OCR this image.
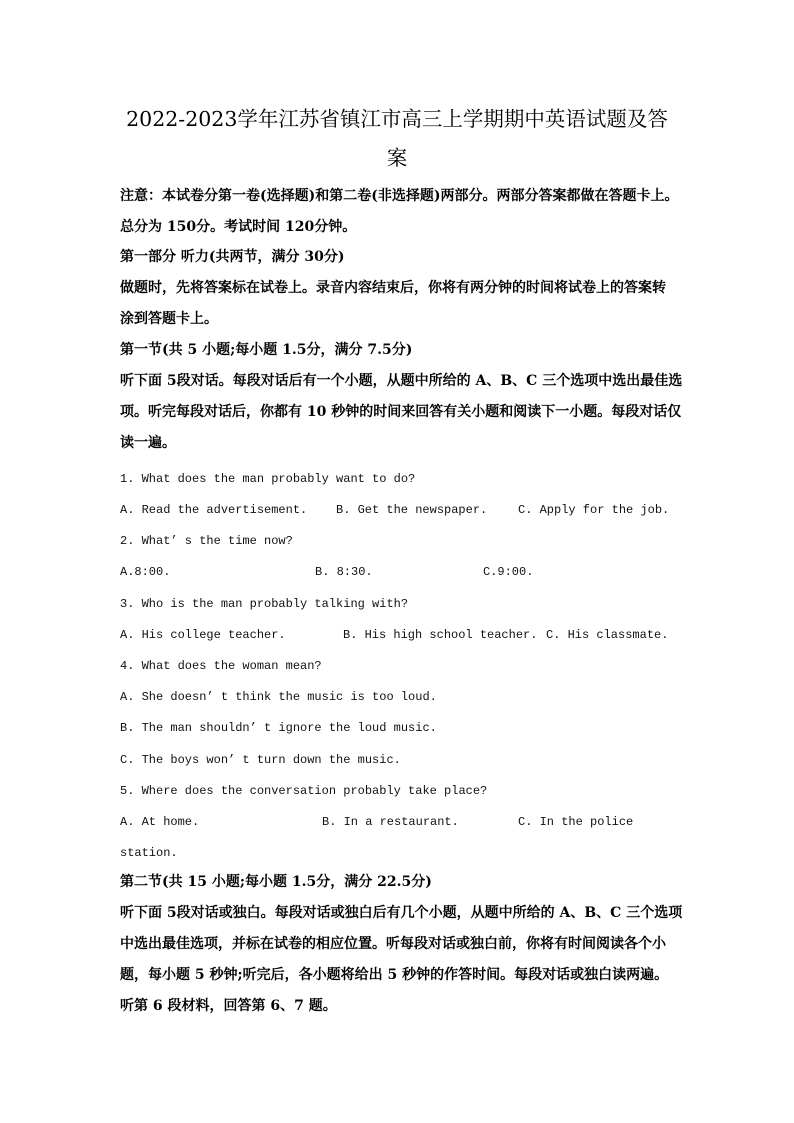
2022-2023学年江苏省镇江市高三上学期期中英语试题及答
案
注意：本试卷分第一卷(选择题)和第二卷(非选择题)两部分。两部分答案都做在答题卡上。
总分为 150分。考试时间 120分钟。
第一部分 听力(共两节，满分 30分)
做题时，先将答案标在试卷上。录音内容结束后，你将有两分钟的时间将试卷上的答案转
涂到答题卡上。
第一节(共 5 小题;每小题 1.5分，满分 7.5分)
听下面 5段对话。每段对话后有一个小题，从题中所给的 A、B、C 三个选项中选出最佳选
项。听完每段对话后，你都有 10 秒钟的时间来回答有关小题和阅读下一小题。每段对话仅
读一遍。
1. What does the man probably want to do?
A. Read the advertisement. B. Get the newspaper.	C. Apply for the job.
2. What’ s the time now?
A.8:00.	B. 8:30.	C.9:00.
3. Who is the man probably talking with?
A. His college teacher.	B. His high school teacher. C. His classmate.
4. What does the woman mean?
A. She doesn’ t think the music is too loud.
B. The man shouldn’ t ignore the loud music.
C. The boys won’ t turn down the music.
5. Where does the conversation probably take place?
A. At home.	B. In a restaurant.	C. In the police
station.
第二节(共 15 小题;每小题 1.5分，满分 22.5分)
听下面 5段对话或独白。每段对话或独白后有几个小题，从题中所给的 A、B、C 三个选项
中选出最佳选项，并标在试卷的相应位置。听每段对话或独白前，你将有时间阅读各个小
题，每小题 5 秒钟;听完后，各小题将给出 5 秒钟的作答时间。每段对话或独白读两遍。
听第 6 段材料，回答第 6、7 题。
